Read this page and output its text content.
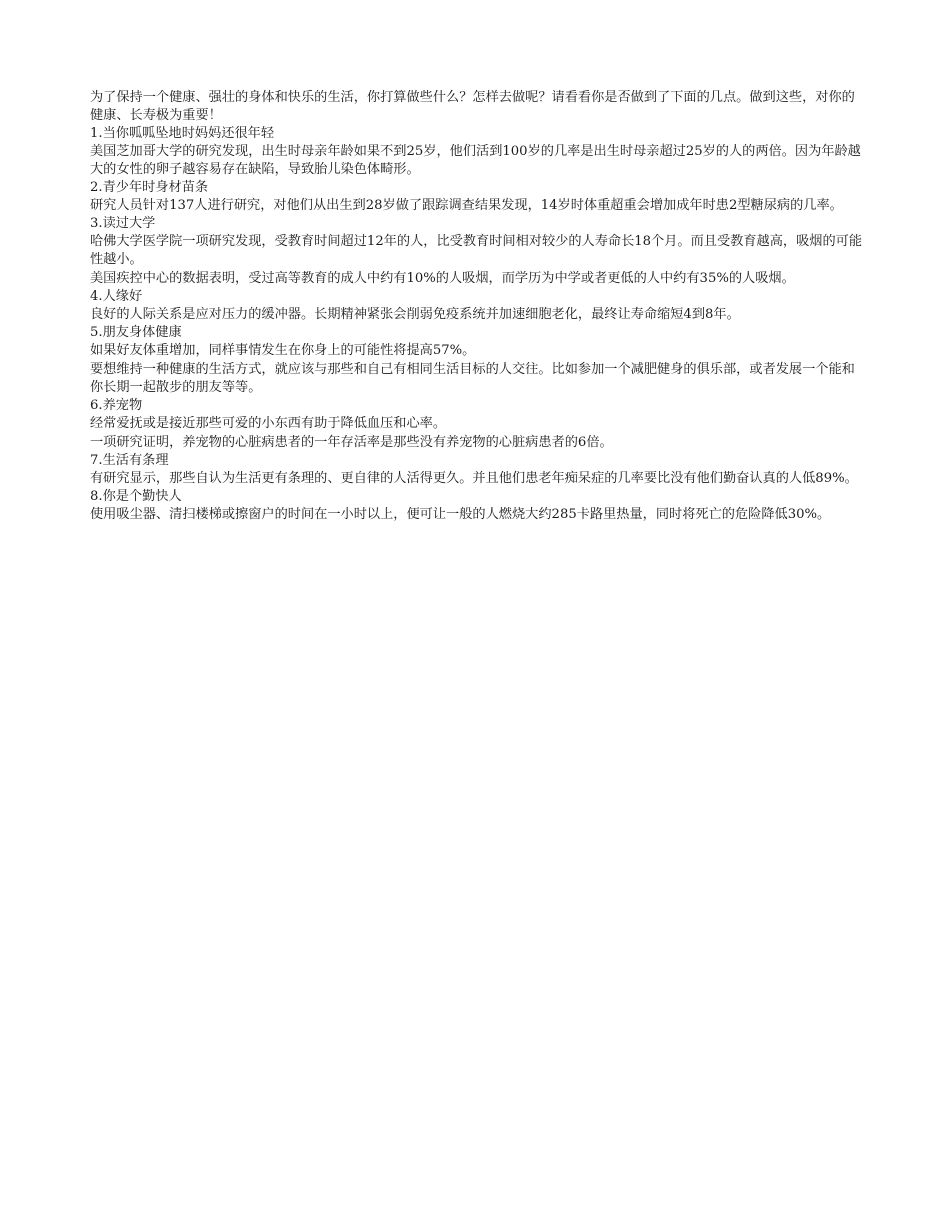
为了保持一个健康、强壮的身体和快乐的生活，你打算做些什么？怎样去做呢？请看看你是否做到了下面的几点。做到这些，对你的健康、长寿极为重要！

1.当你呱呱坠地时妈妈还很年轻

美国芝加哥大学的研究发现，出生时母亲年龄如果不到25岁，他们活到100岁的几率是出生时母亲超过25岁的人的两倍。因为年龄越大的女性的卵子越容易存在缺陷，导致胎儿染色体畸形。

2.青少年时身材苗条

研究人员针对137人进行研究，对他们从出生到28岁做了跟踪调查结果发现，14岁时体重超重会增加成年时患2型糖尿病的几率。

3.读过大学

哈佛大学医学院一项研究发现，受教育时间超过12年的人，比受教育时间相对较少的人寿命长18个月。而且受教育越高，吸烟的可能性越小。

美国疾控中心的数据表明，受过高等教育的成人中约有10%的人吸烟，而学历为中学或者更低的人中约有35%的人吸烟。

4.人缘好

良好的人际关系是应对压力的缓冲器。长期精神紧张会削弱免疫系统并加速细胞老化，最终让寿命缩短4到8年。

5.朋友身体健康

如果好友体重增加，同样事情发生在你身上的可能性将提高57%。

要想维持一种健康的生活方式，就应该与那些和自己有相同生活目标的人交往。比如参加一个减肥健身的俱乐部，或者发展一个能和你长期一起散步的朋友等等。

6.养宠物

经常爱抚或是接近那些可爱的小东西有助于降低血压和心率。

一项研究证明，养宠物的心脏病患者的一年存活率是那些没有养宠物的心脏病患者的6倍。

7.生活有条理

有研究显示，那些自认为生活更有条理的、更自律的人活得更久。并且他们患老年痴呆症的几率要比没有他们勤奋认真的人低89%。

8.你是个勤快人

使用吸尘器、清扫楼梯或擦窗户的时间在一小时以上，便可让一般的人燃烧大约285卡路里热量，同时将死亡的危险降低30%。
